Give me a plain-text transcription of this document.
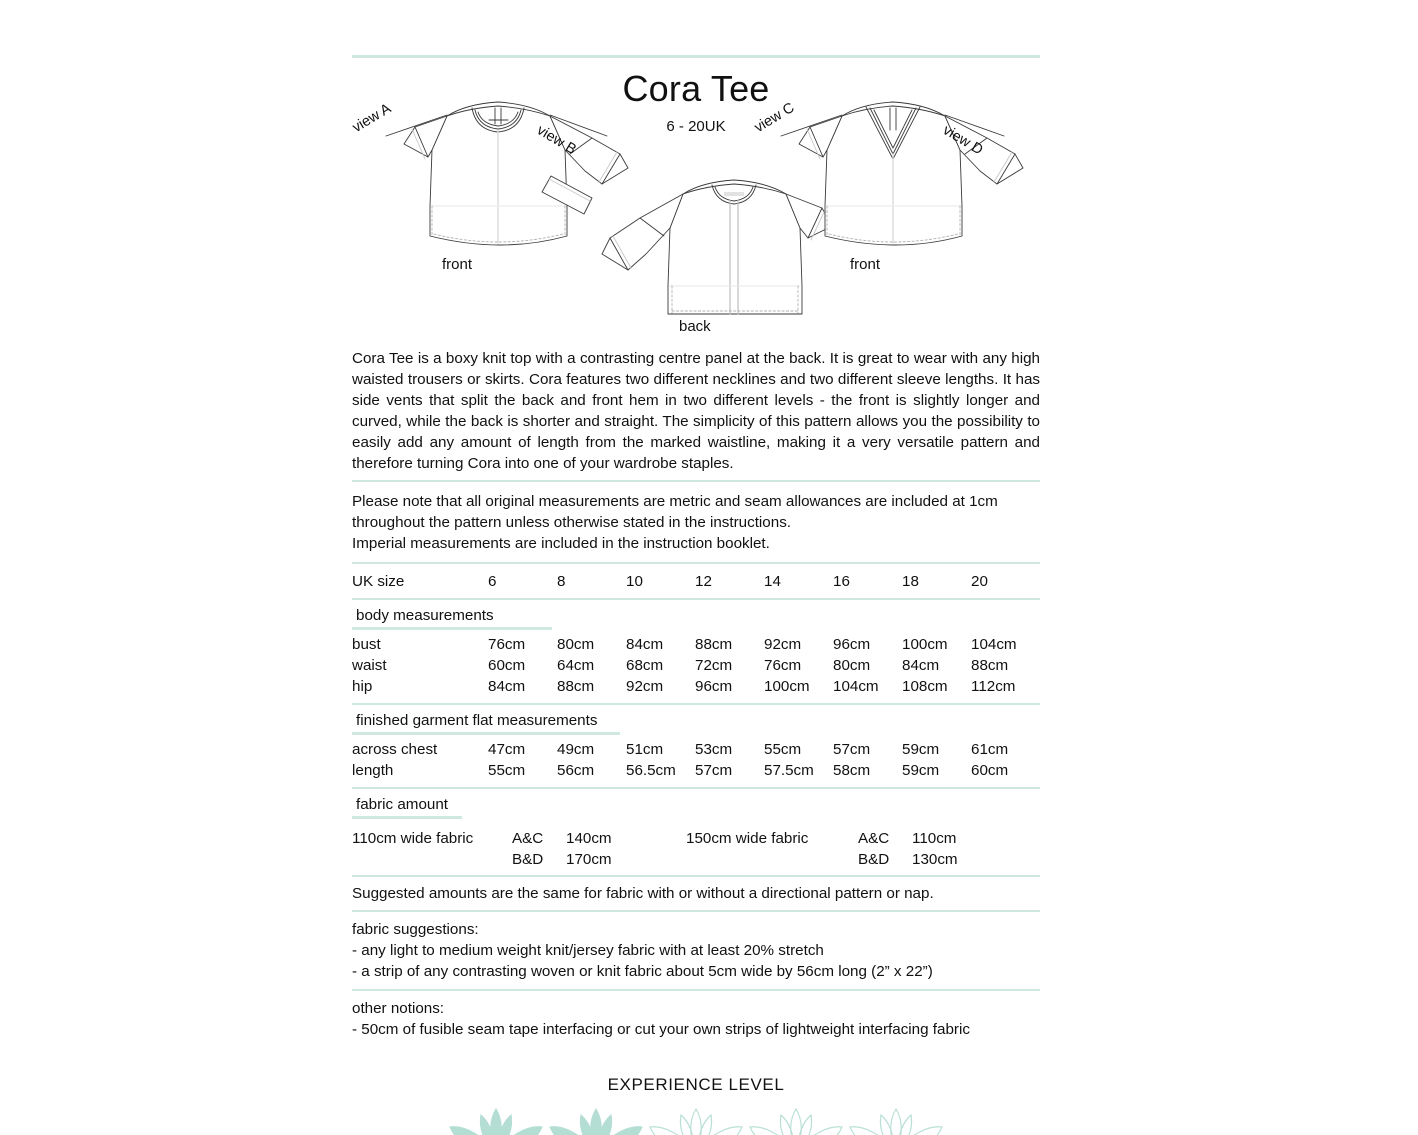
Cora Tee
6 - 20UK
view A
view B
view C
view D
front
back
front

Cora Tee is a boxy knit top with a contrasting centre panel at the back. It is great to wear with any high waisted trousers or skirts. Cora features two different necklines and two different sleeve lengths. It has side vents that split the back and front hem in two different levels - the front is slightly longer and curved, while the back is shorter and straight. The simplicity of this pattern allows you the possibility to easily add any amount of length from the marked waistline, making it a very versatile pattern and therefore turning Cora into one of your wardrobe staples.

Please note that all original measurements are metric and seam allowances are included at 1cm throughout the pattern unless otherwise stated in the instructions.
Imperial measurements are included in the instruction booklet.
UK size	6	8	10	12	14	16	18	20
body measurements
bust	76cm	80cm	84cm	88cm	92cm	96cm	100cm	104cm
waist	60cm	64cm	68cm	72cm	76cm	80cm	84cm	88cm
hip	84cm	88cm	92cm	96cm	100cm	104cm	108cm	112cm
finished garment flat measurements
across chest	47cm	49cm	51cm	53cm	55cm	57cm	59cm	61cm
length	55cm	56cm	56.5cm	57cm	57.5cm	58cm	59cm	60cm
fabric amount
110cm wide fabric	A&C	140cm	150cm wide fabric	A&C	110cm
B&D	170cm	B&D	130cm
Suggested amounts are the same for fabric with or without a directional pattern or nap.
fabric suggestions:
- any light to medium weight knit/jersey fabric with at least 20% stretch
- a strip of any contrasting woven or knit fabric about 5cm wide by 56cm long (2” x 22”)
other notions:
- 50cm of fusible seam tape interfacing or cut your own strips of lightweight interfacing fabric
EXPERIENCE LEVEL
